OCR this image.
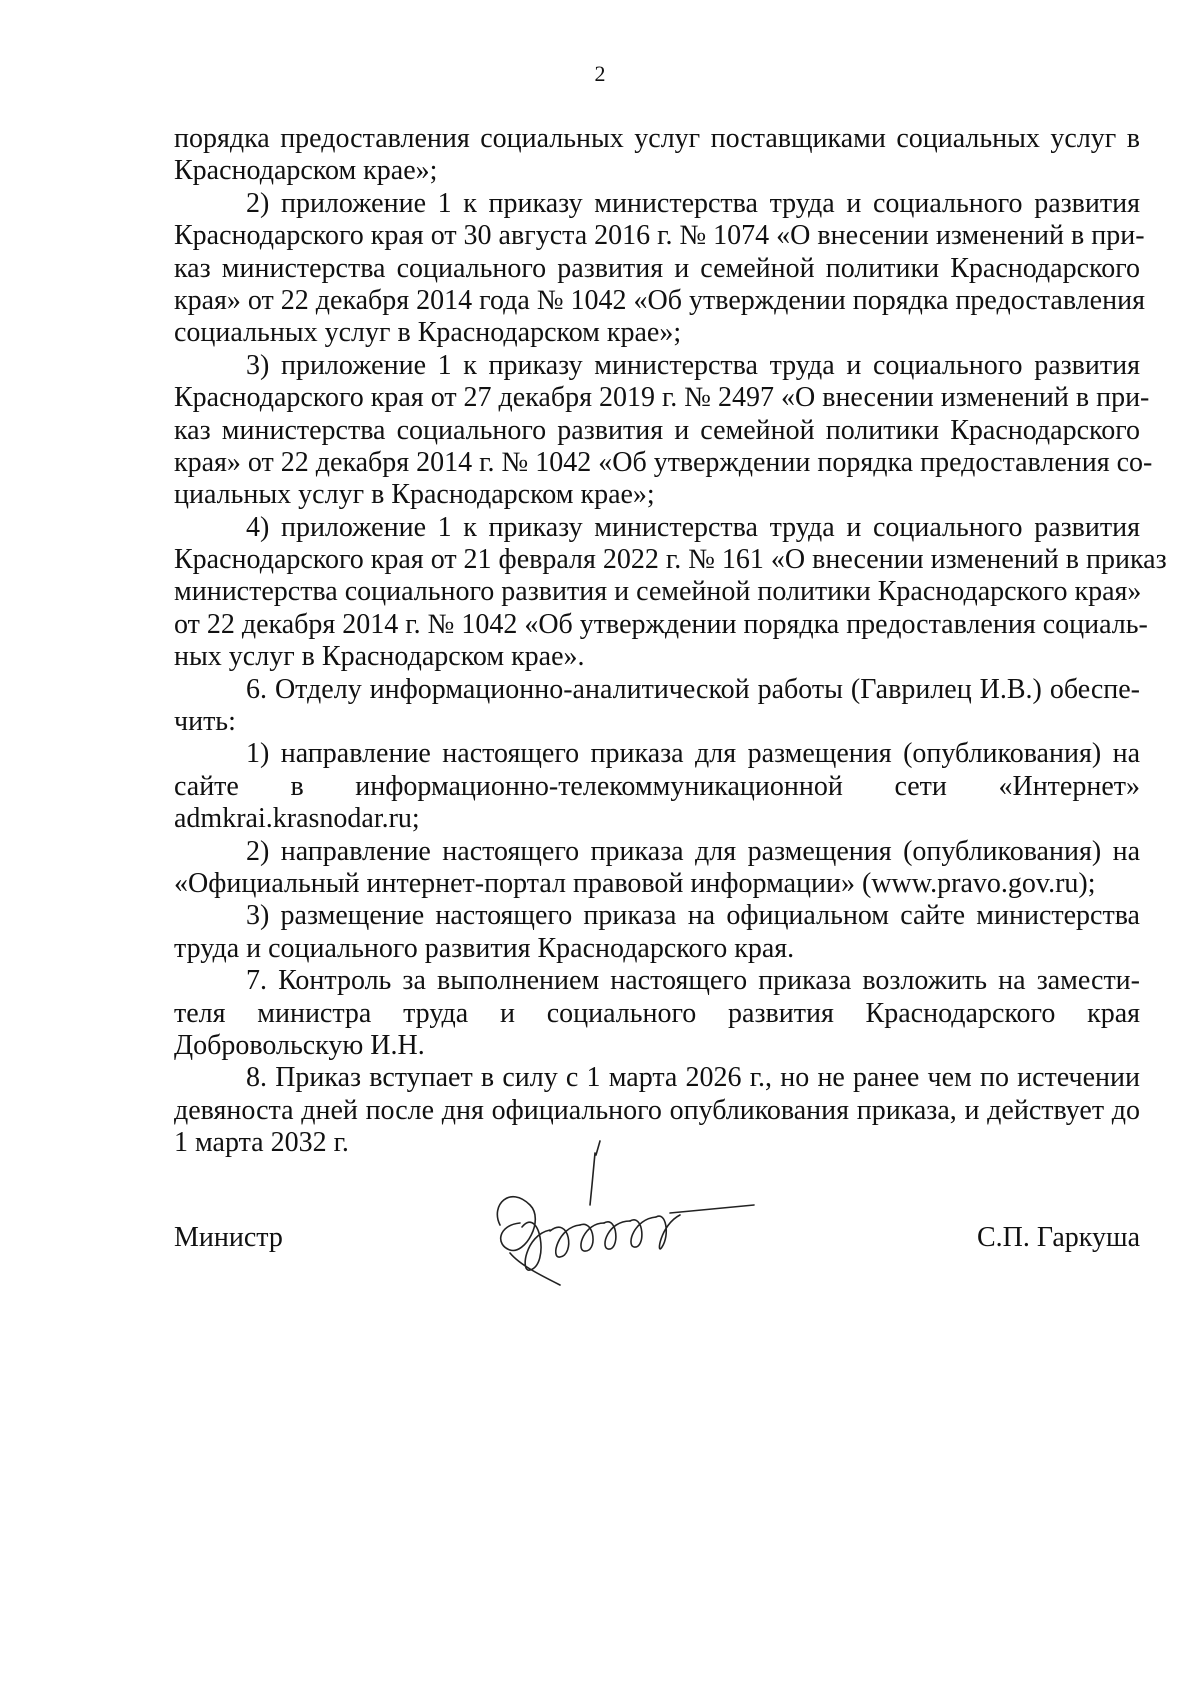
2
порядка предоставления социальных услуг поставщиками социальных услуг в
Краснодарском крае»;
2) приложение 1 к приказу министерства труда и социального развития
Краснодарского края от 30 августа 2016 г. № 1074 «О внесении изменений в при-
каз министерства социального развития и семейной политики Краснодарского
края» от 22 декабря 2014 года № 1042 «Об утверждении порядка предоставления
социальных услуг в Краснодарском крае»;
3) приложение 1 к приказу министерства труда и социального развития
Краснодарского края от 27 декабря 2019 г. № 2497 «О внесении изменений в при-
каз министерства социального развития и семейной политики Краснодарского
края» от 22 декабря 2014 г. № 1042 «Об утверждении порядка предоставления со-
циальных услуг в Краснодарском крае»;
4) приложение 1 к приказу министерства труда и социального развития
Краснодарского края от 21 февраля 2022 г. № 161 «О внесении изменений в приказ
министерства социального развития и семейной политики Краснодарского края»
от 22 декабря 2014 г. № 1042 «Об утверждении порядка предоставления социаль-
ных услуг в Краснодарском крае».
6. Отделу информационно-аналитической работы (Гаврилец И.В.) обеспе-
чить:
1) направление настоящего приказа для размещения (опубликования) на
сайте в информационно-телекоммуникационной сети «Интернет»
admkrai.krasnodar.ru;
2) направление настоящего приказа для размещения (опубликования) на
«Официальный интернет-портал правовой информации» (www.pravo.gov.ru);
3) размещение настоящего приказа на официальном сайте министерства
труда и социального развития Краснодарского края.
7. Контроль за выполнением настоящего приказа возложить на замести-
теля министра труда и социального развития Краснодарского края
Добровольскую И.Н.
8. Приказ вступает в силу с 1 марта 2026 г., но не ранее чем по истечении
девяноста дней после дня официального опубликования приказа, и действует до
1 марта 2032 г.
Министр	С.П. Гаркуша
